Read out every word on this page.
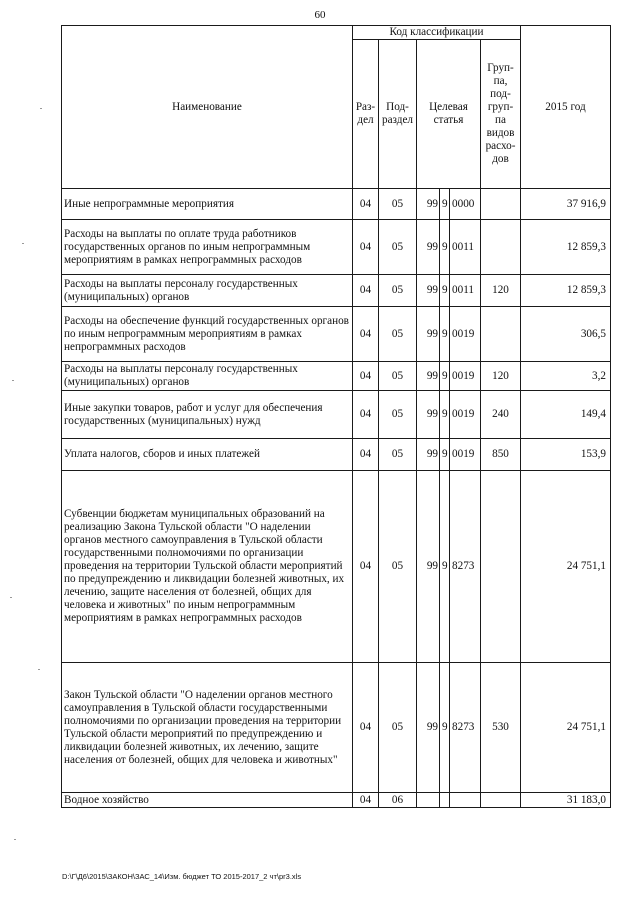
60
Наименование	Код классификации						2015 год
	Раз-дел	Под-раздел	Целевая статья			Груп-па, под-груп-па видов расхо-дов	
Иные непрограммные мероприятия	04	05	99	9	0000		37 916,9
Расходы на выплаты по оплате труда работников государственных органов по иным непрограммным мероприятиям в рамках непрограммных расходов	04	05	99	9	0011		12 859,3
Расходы на выплаты персоналу государственных (муниципальных) органов	04	05	99	9	0011	120	12 859,3
Расходы на обеспечение функций государственных органов по иным непрограммным мероприятиям в рамках непрограммных расходов	04	05	99	9	0019		306,5
Расходы на выплаты персоналу государственных (муниципальных) органов	04	05	99	9	0019	120	3,2
Иные закупки товаров, работ и услуг для обеспечения государственных (муниципальных) нужд	04	05	99	9	0019	240	149,4
Уплата налогов, сборов и иных платежей	04	05	99	9	0019	850	153,9
Субвенции бюджетам муниципальных образований на реализацию Закона Тульской области "О наделении органов местного самоуправления в Тульской области государственными полномочиями по организации проведения на территории Тульской области мероприятий по предупреждению и ликвидации болезней животных, их лечению, защите населения от болезней, общих для человека и животных" по иным непрограммным мероприятиям в рамках непрограммных расходов	04	05	99	9	8273		24 751,1
Закон Тульской области "О наделении органов местного самоуправления в Тульской области государственными полномочиями по организации проведения на территории Тульской области мероприятий по предупреждению и ликвидации болезней животных, их лечению, защите населения от болезней, общих для человека и животных"	04	05	99	9	8273	530	24 751,1
Водное хозяйство	04	06					31 183,0
D:\Г\Д6\2015\ЗАКОН\ЗАС_14\Изм. бюджет ТО 2015-2017_2 чт\pr3.xls
